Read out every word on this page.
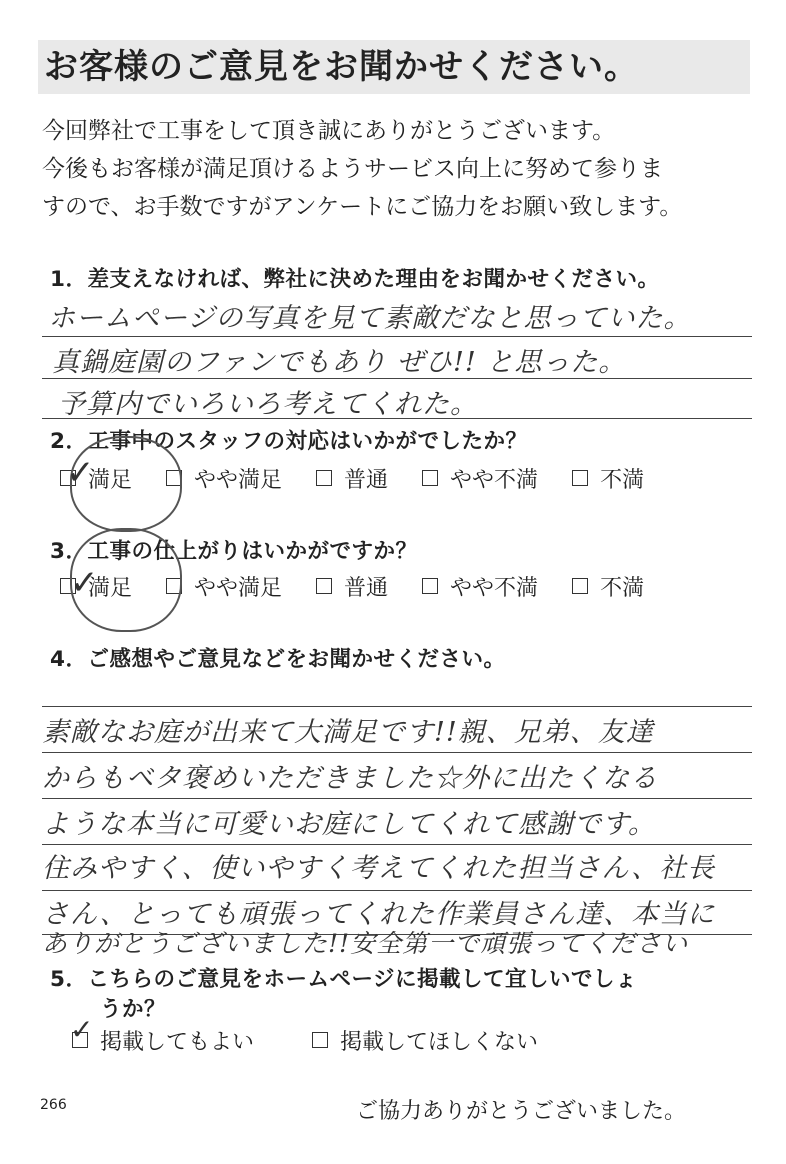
お客様のご意見をお聞かせください。
今回弊社で工事をして頂き誠にありがとうございます。
今後もお客様が満足頂けるようサービス向上に努めて参りま
すので、お手数ですがアンケートにご協力をお願い致します。
1．差支えなければ、弊社に決めた理由をお聞かせください。
ホームページの写真を見て素敵だなと思っていた。
真鍋庭園のファンでもあり ぜひ!! と思った。
予算内でいろいろ考えてくれた。
2．工事中のスタッフの対応はいかがでしたか？
満足	やや満足	普通	やや不満	不満
✓
3．工事の仕上がりはいかがですか？
満足	やや満足	普通	やや不満	不満
✓
4．ご感想やご意見などをお聞かせください。
素敵なお庭が出来て大満足です!!親、兄弟、友達
からもベタ褒めいただきました☆外に出たくなる
ような本当に可愛いお庭にしてくれて感謝です。
住みやすく、使いやすく考えてくれた担当さん、社長
さん、とっても頑張ってくれた作業員さん達、本当に
ありがとうございました!!安全第一で頑張ってください
5．こちらのご意見をホームページに掲載して宜しいでしょ
うか？
掲載してもよい	掲載してほしくない
✓
266	ご協力ありがとうございました。
